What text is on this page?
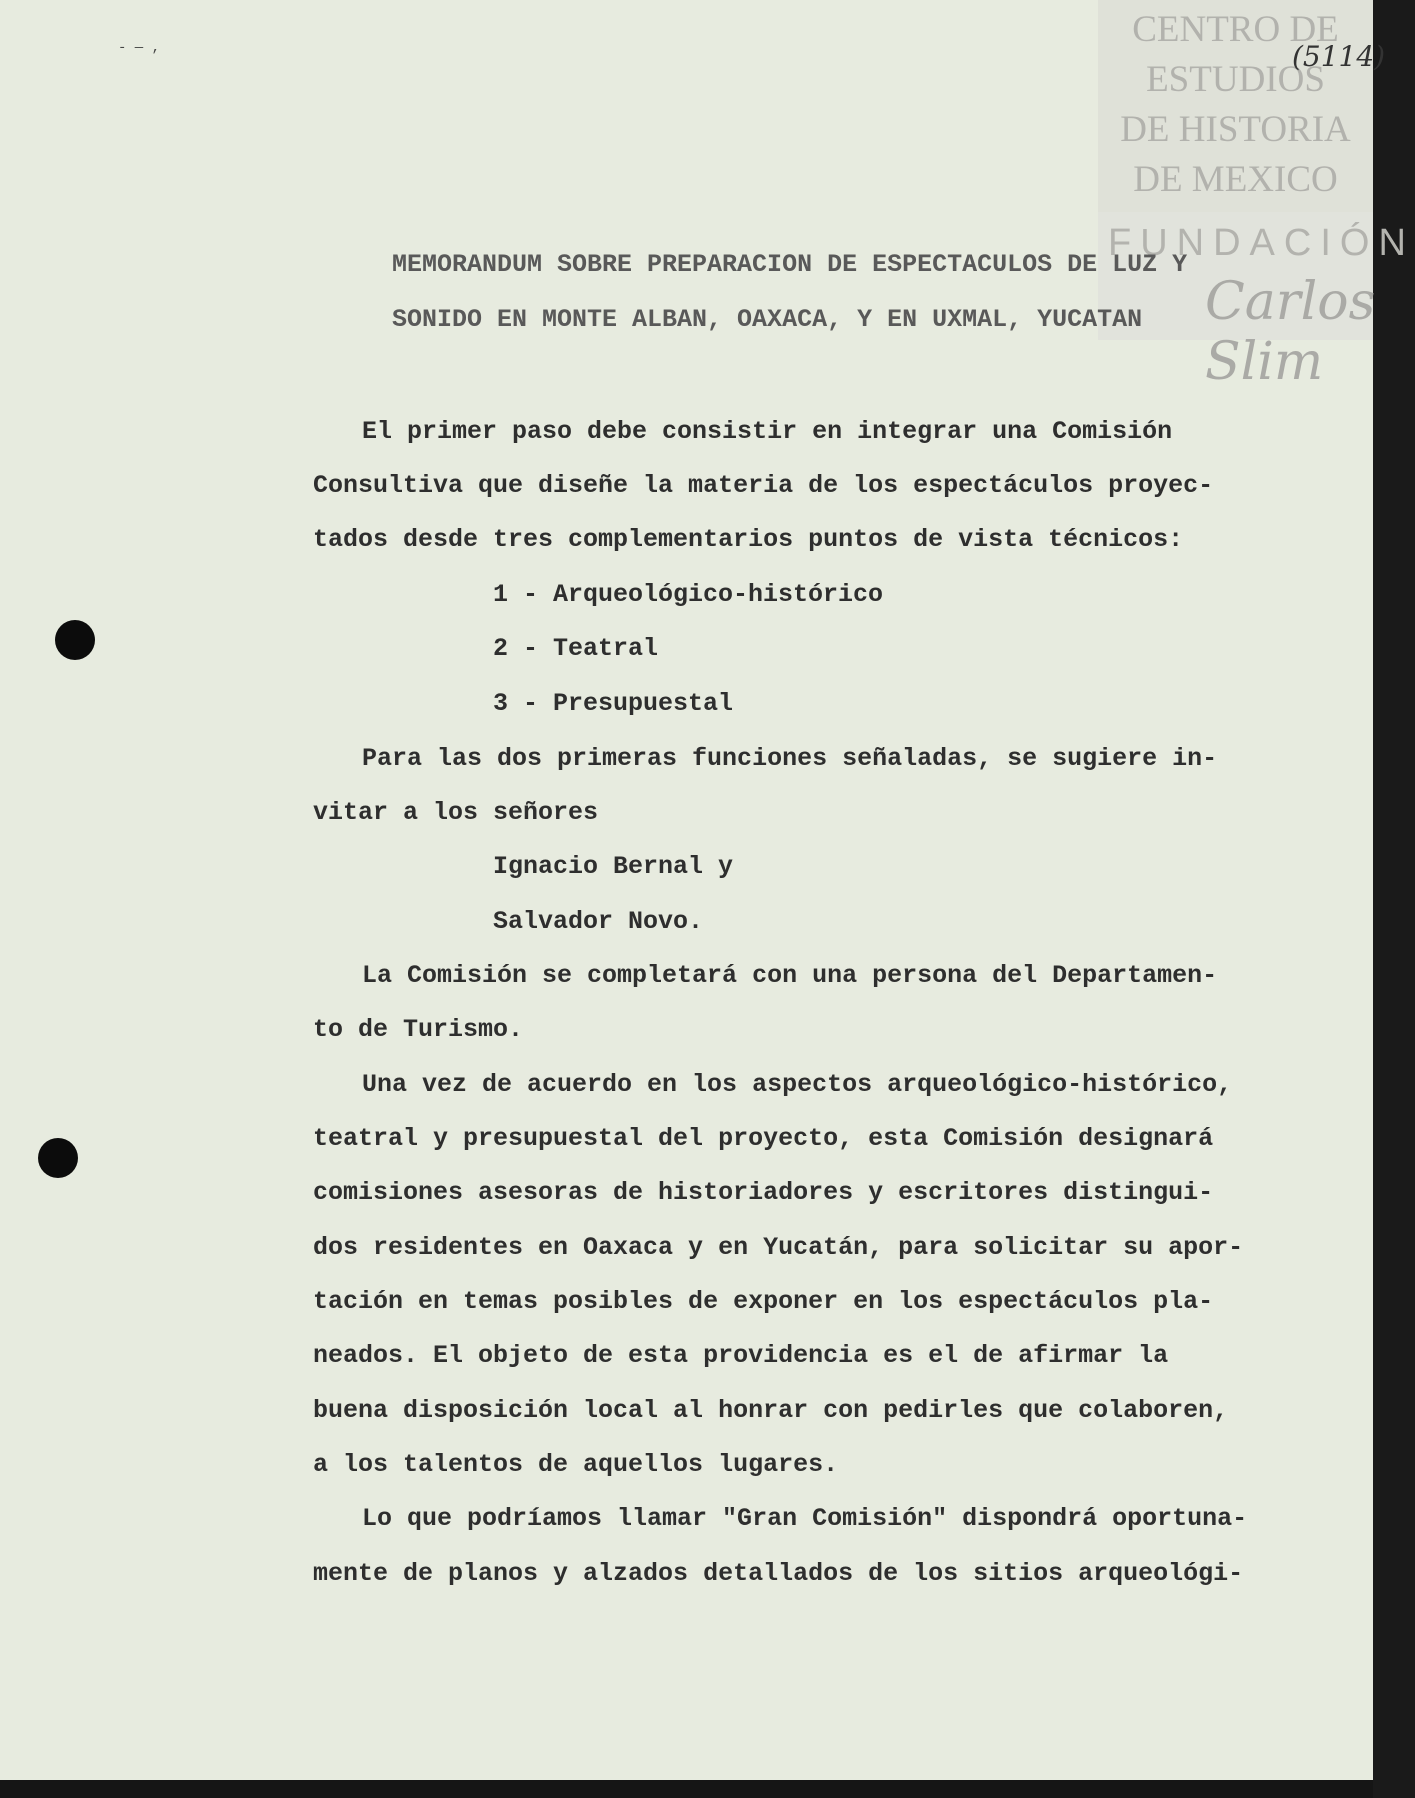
- — ,	CENTRO DE
ESTUDIOS
DE HISTORIA
DE MEXICO
FUNDACIÓN
Carlos Slim
(5114)
MEMORANDUM SOBRE PREPARACION DE ESPECTACULOS DE LUZ Y
SONIDO EN MONTE ALBAN, OAXACA, Y EN UXMAL, YUCATAN
El primer paso debe consistir en integrar una Comisión
Consultiva que diseñe la materia de los espectáculos proyec-
tados desde tres complementarios puntos de vista técnicos:
1 - Arqueológico-histórico
2 - Teatral
3 - Presupuestal
Para las dos primeras funciones señaladas, se sugiere in-
vitar a los señores
Ignacio Bernal y
Salvador Novo.
La Comisión se completará con una persona del Departamen-
to de Turismo.
Una vez de acuerdo en los aspectos arqueológico-histórico,
teatral y presupuestal del proyecto, esta Comisión designará
comisiones asesoras de historiadores y escritores distingui-
dos residentes en Oaxaca y en Yucatán, para solicitar su apor-
tación en temas posibles de exponer en los espectáculos pla-
neados. El objeto de esta providencia es el de afirmar la
buena disposición local al honrar con pedirles que colaboren,
a los talentos de aquellos lugares.
Lo que podríamos llamar "Gran Comisión" dispondrá oportuna-
mente de planos y alzados detallados de los sitios arqueológi-
